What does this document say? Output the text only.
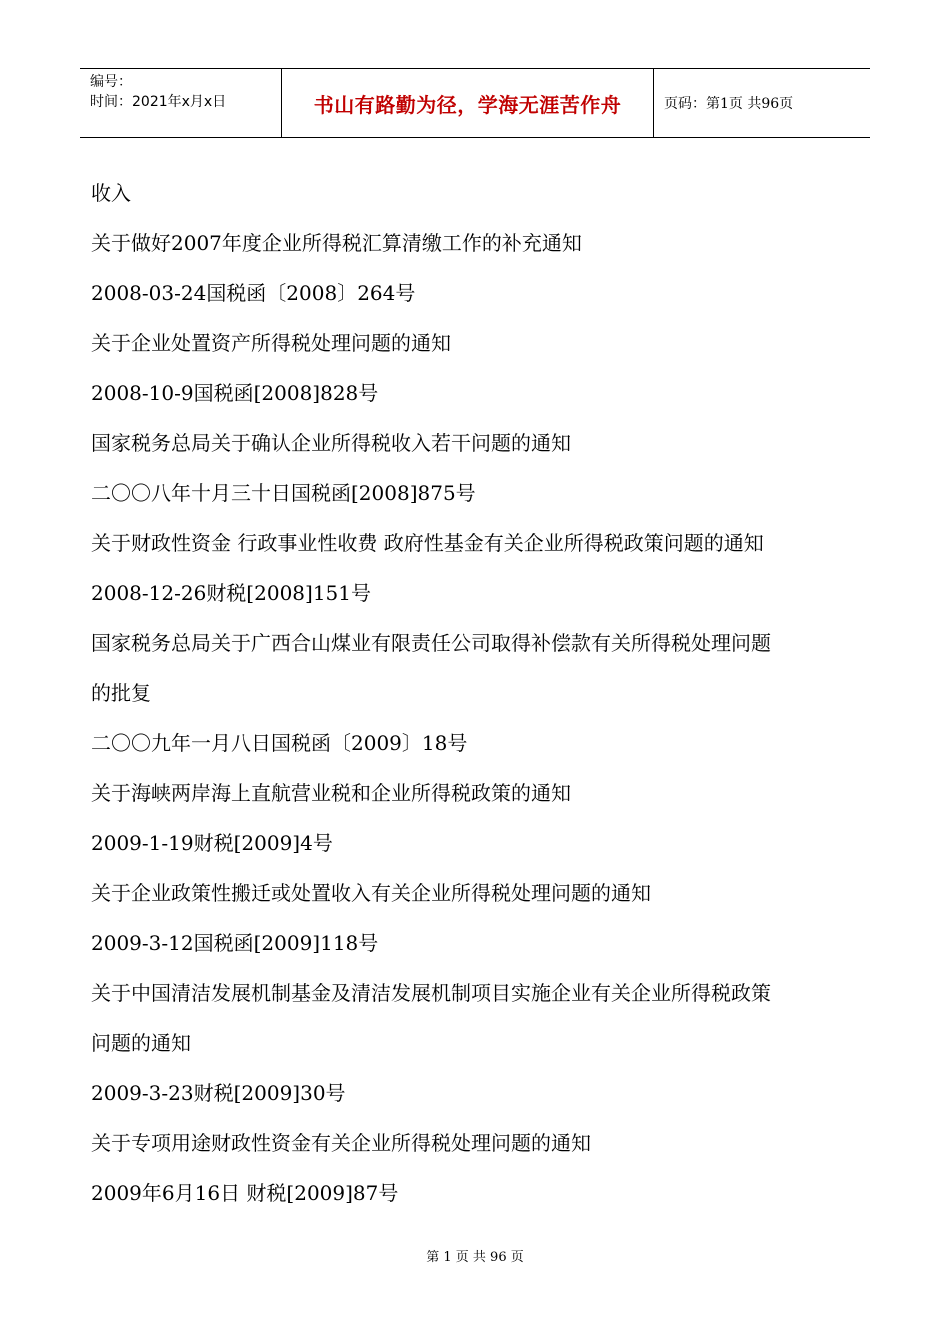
编号：
时间：2021年x月x日	书山有路勤为径，学海无涯苦作舟	页码：第1页 共96页
收入
关于做好2007年度企业所得税汇算清缴工作的补充通知
2008-03-24国税函〔2008〕264号
关于企业处置资产所得税处理问题的通知
2008-10-9国税函[2008]828号
国家税务总局关于确认企业所得税收入若干问题的通知
二〇〇八年十月三十日国税函[2008]875号
关于财政性资金 行政事业性收费 政府性基金有关企业所得税政策问题的通知
2008-12-26财税[2008]151号
国家税务总局关于广西合山煤业有限责任公司取得补偿款有关所得税处理问题
的批复
二〇〇九年一月八日国税函〔2009〕18号
关于海峡两岸海上直航营业税和企业所得税政策的通知
2009-1-19财税[2009]4号
关于企业政策性搬迁或处置收入有关企业所得税处理问题的通知
2009-3-12国税函[2009]118号
关于中国清洁发展机制基金及清洁发展机制项目实施企业有关企业所得税政策
问题的通知
2009-3-23财税[2009]30号
关于专项用途财政性资金有关企业所得税处理问题的通知
2009年6月16日 财税[2009]87号
第 1 页 共 96 页
